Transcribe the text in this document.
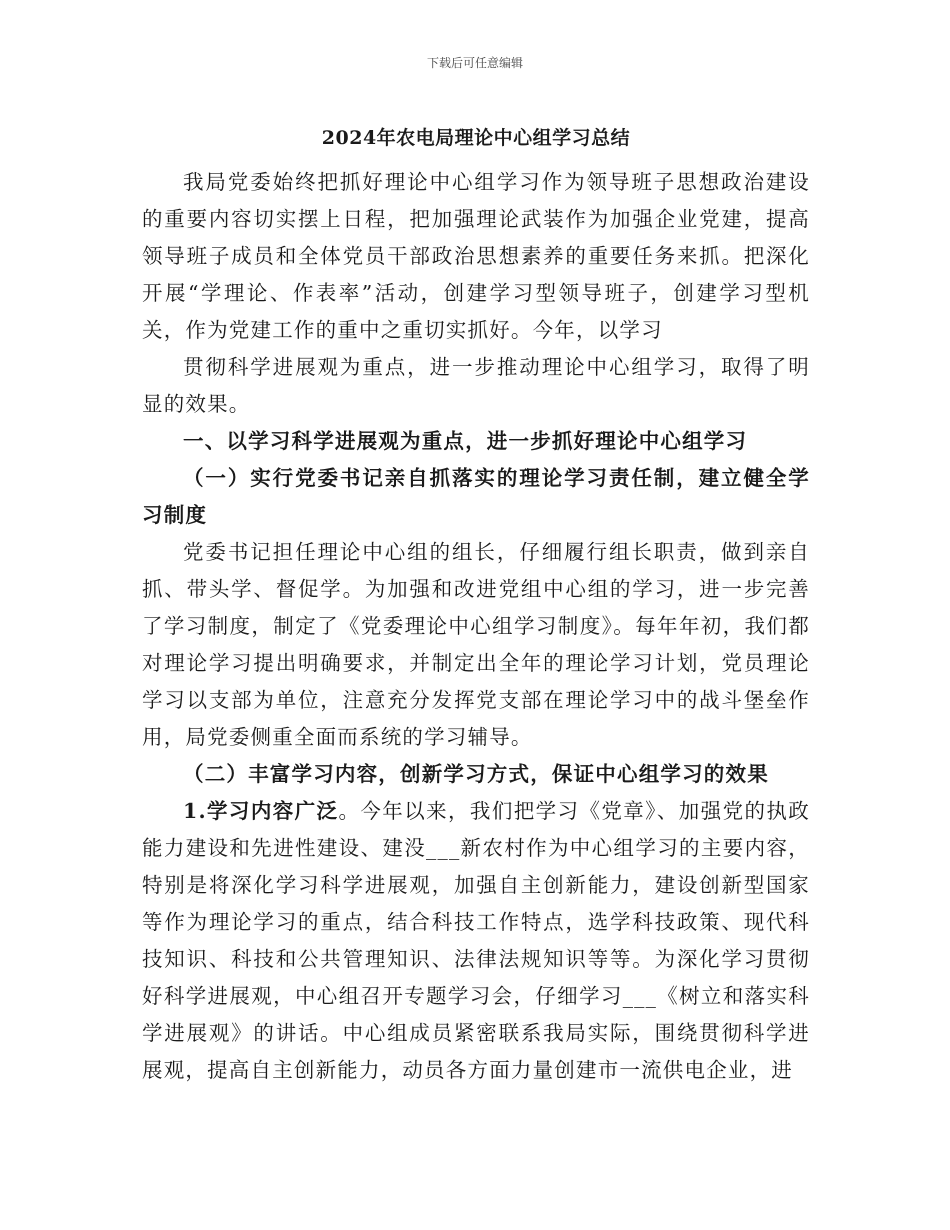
下载后可任意编辑
2024年农电局理论中心组学习总结

我局党委始终把抓好理论中心组学习作为领导班子思想政治建设的重要内容切实摆上日程，把加强理论武装作为加强企业党建，提高领导班子成员和全体党员干部政治思想素养的重要任务来抓。把深化开展“学理论、作表率”活动，创建学习型领导班子，创建学习型机关，作为党建工作的重中之重切实抓好。今年，以学习

贯彻科学进展观为重点，进一步推动理论中心组学习，取得了明显的效果。

一、以学习科学进展观为重点，进一步抓好理论中心组学习

（一）实行党委书记亲自抓落实的理论学习责任制，建立健全学习制度

党委书记担任理论中心组的组长，仔细履行组长职责，做到亲自抓、带头学、督促学。为加强和改进党组中心组的学习，进一步完善了学习制度，制定了《党委理论中心组学习制度》。每年年初，我们都对理论学习提出明确要求，并制定出全年的理论学习计划，党员理论学习以支部为单位，注意充分发挥党支部在理论学习中的战斗堡垒作用，局党委侧重全面而系统的学习辅导。

（二）丰富学习内容，创新学习方式，保证中心组学习的效果

1.学习内容广泛。今年以来，我们把学习《党章》、加强党的执政能力建设和先进性建设、建没___新农村作为中心组学习的主要内容，特别是将深化学习科学进展观，加强自主创新能力，建设创新型国家等作为理论学习的重点，结合科技工作特点，选学科技政策、现代科技知识、科技和公共管理知识、法律法规知识等等。为深化学习贯彻好科学进展观，中心组召开专题学习会，仔细学习___《树立和落实科学进展观》的讲话。中心组成员紧密联系我局实际，围绕贯彻科学进展观，提高自主创新能力，动员各方面力量创建市一流供电企业，进
